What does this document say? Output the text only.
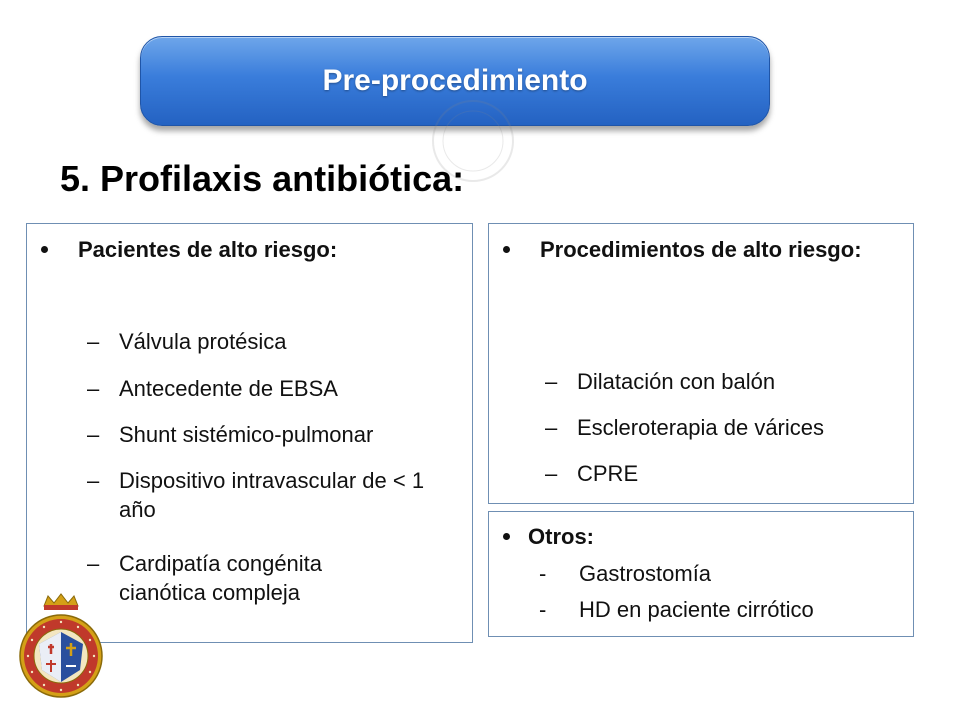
Pre-procedimiento
5. Profilaxis antibiótica:
Pacientes de alto riesgo:
– Válvula protésica
– Antecedente de EBSA
– Shunt sistémico-pulmonar
– Dispositivo intravascular de < 1 año
– Cardipatía congénita cianótica compleja
Procedimientos de alto riesgo:
– Dilatación con balón
– Escleroterapia de várices
– CPRE
Otros:
-	Gastrostomía
-	HD en paciente cirrótico
